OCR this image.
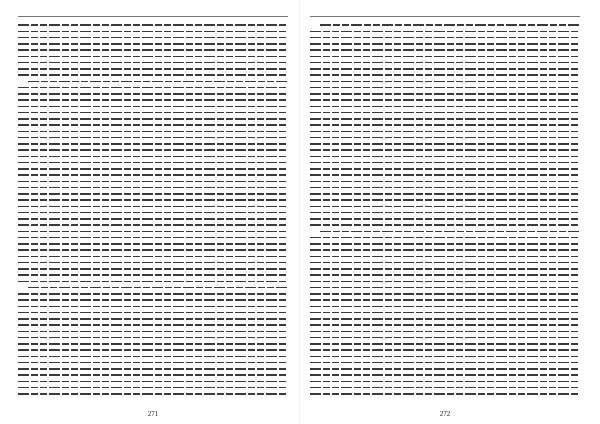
271	272
